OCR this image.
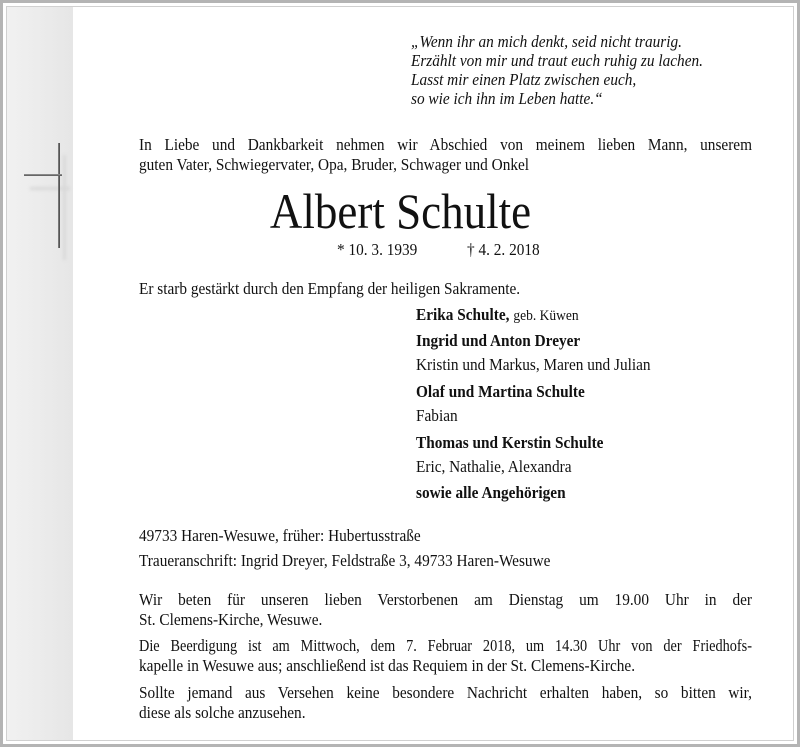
„Wenn ihr an mich denkt, seid nicht traurig.
Erzählt von mir und traut euch ruhig zu lachen.
Lasst mir einen Platz zwischen euch,
so wie ich ihn im Leben hatte.“
In Liebe und Dankbarkeit nehmen wir Abschied von meinem lieben Mann, unserem
guten Vater, Schwiegervater, Opa, Bruder, Schwager und Onkel
Albert Schulte
* 10. 3. 1939	† 4. 2. 2018
Er starb gestärkt durch den Empfang der heiligen Sakramente.
Erika Schulte, geb. Küwen
Ingrid und Anton Dreyer
Kristin und Markus, Maren und Julian
Olaf und Martina Schulte
Fabian
Thomas und Kerstin Schulte
Eric, Nathalie, Alexandra
sowie alle Angehörigen
49733 Haren-Wesuwe, früher: Hubertusstraße
Traueranschrift: Ingrid Dreyer, Feldstraße 3, 49733 Haren-Wesuwe
Wir beten für unseren lieben Verstorbenen am Dienstag um 19.00 Uhr in der
St. Clemens-Kirche, Wesuwe.
Die Beerdigung ist am Mittwoch, dem 7. Februar 2018, um 14.30 Uhr von der Friedhofs-
kapelle in Wesuwe aus; anschließend ist das Requiem in der St. Clemens-Kirche.
Sollte jemand aus Versehen keine besondere Nachricht erhalten haben, so bitten wir,
diese als solche anzusehen.
